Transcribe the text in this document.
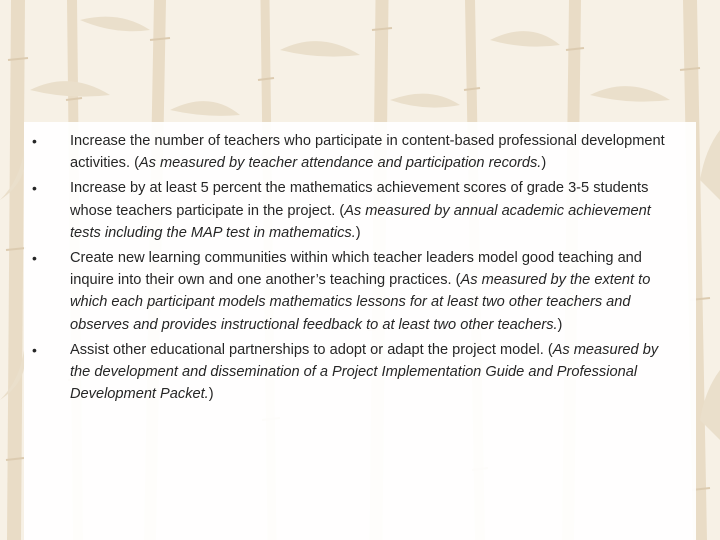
•	Increase the number of teachers who participate in content-based professional development activities. (As measured by teacher attendance and participation records.)
•	Increase by at least 5 percent the mathematics achievement scores of grade 3-5 students whose teachers participate in the project. (As measured by annual academic achievement tests including the MAP test in mathematics.)
•	Create new learning communities within which teacher leaders model good teaching and inquire into their own and one another’s teaching practices. (As measured by the extent to which each participant models mathematics lessons for at least two other teachers and observes and provides instructional feedback to at least two other teachers.)
•	Assist other educational partnerships to adopt or adapt the project model. (As measured by the development and dissemination of a Project Implementation Guide and Professional Development Packet.)
